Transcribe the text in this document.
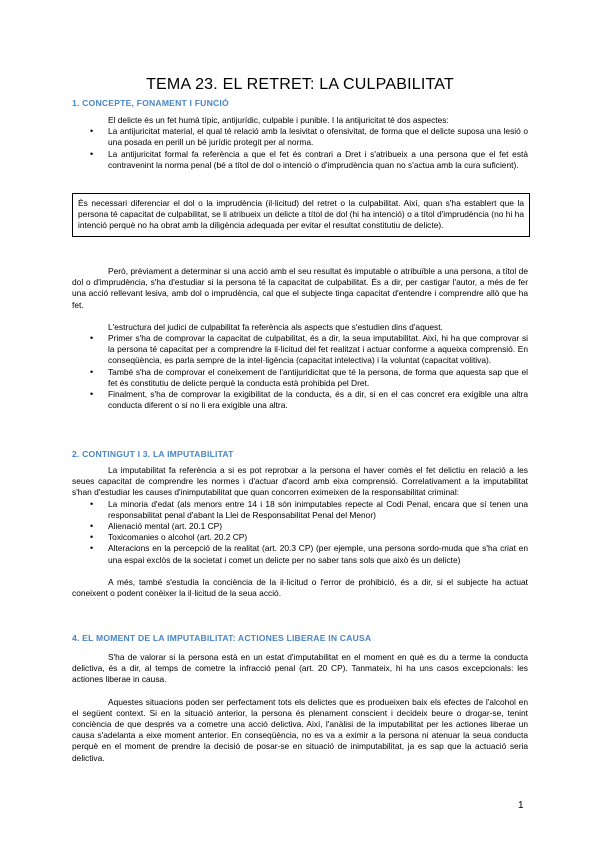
TEMA 23. EL RETRET: LA CULPABILITAT
1. CONCEPTE, FONAMENT I FUNCIÓ

El delicte és un fet humà típic, antijurídic, culpable i punible. I la antijuricitat té dos aspectes:

• La antijuricitat material, el qual té relació amb la lesivitat o ofensivitat, de forma que el delicte suposa una lesió o una posada en perill un bé jurídic protegit per al norma.
• La antijuricitat formal fa referència a que el fet és contrari a Dret i s'atribueix a una persona que el fet està contravenint la norma penal (bé a títol de dol o intenció o d'imprudència quan no s'actua amb la cura suficient).
És necessari diferenciar el dol o la imprudència (il·licitud) del retret o la culpabilitat. Així, quan s'ha establert que la persona té capacitat de culpabilitat, se li atribueix un delicte a títol de dol (hi ha intenció) o a títol d'imprudència (no hi ha intenció perquè no ha obrat amb la diligència adequada per evitar el resultat constitutiu de delicte).

Però, prèviament a determinar si una acció amb el seu resultat és imputable o atribuïble a una persona, a títol de dol o d'imprudència, s'ha d'estudiar si la persona té la capacitat de culpabilitat. És a dir, per castigar l'autor, a més de fer una acció rellevant lesiva, amb dol o imprudència, cal que el subjecte tinga capacitat d'entendre i comprendre allò que ha fet.

L'estructura del judici de culpabilitat fa referència als aspects que s'estudien dins d'aquest.

• Primer s'ha de comprovar la capacitat de culpabilitat, és a dir, la seua imputabilitat. Així, hi ha que comprovar si la persona té capacitat per a comprendre la il·licitud del fet realitzat i actuar conforme a aqueixa comprensió. En conseqüència, es parla sempre de la intel·ligència (capacitat intelectiva) i la voluntat (capacitat volitiva).
• També s'ha de comprovar el coneixement de l'antijuridicitat que té la persona, de forma que aquesta sap que el fet és constitutiu de delicte perquè la conducta està prohibida pel Dret.
• Finalment, s'ha de comprovar la exigibilitat de la conducta, és a dir, si en el cas concret era exigible una altra conducta diferent o si no li era exigible una altra.
2. CONTINGUT I 3. LA IMPUTABILITAT

La imputabilitat fa referència a si es pot reprotxar a la persona el haver comès el fet delictiu en relació a les seues capacitat de comprendre les normes i d'actuar d'acord amb eixa comprensió. Correlativament a la imputabilitat s'han d'estudiar les causes d'inimputabilitat que quan concorren eximeixen de la responsabilitat criminal:

• La minoria d'edat (als menors entre 14 i 18 són inimputables repecte al Codi Penal, encara que sí tenen una responsabilitat penal d'abant la Llei de Responsabilitat Penal del Menor)
• Alienació mental (art. 20.1 CP)
• Toxicomanies o alcohol (art. 20.2 CP)
• Alteracions en la percepció de la realitat (art. 20.3 CP) (per ejemple, una persona sordo-muda que s'ha criat en una espai exclòs de la societat i comet un delicte per no saber tans sols que això és un delicte)

A més, també s'estudia la conciència de la il·licitud o l'error de prohibició, és a dir, si el subjecte ha actuat coneixent o podent conèixer la il·licitud de la seua acció.

4. EL MOMENT DE LA IMPUTABILITAT: ACTIONES LIBERAE IN CAUSA

S'ha de valorar si la persona està en un estat d'imputabilitat en el moment en què es du a terme la conducta delictiva, és a dir, al temps de cometre la infracció penal (art. 20 CP). Tanmateix, hi ha uns casos excepcionals: les actiones liberae in causa.

Aquestes situacions poden ser perfectament tots els delictes que es produeixen baix els efectes de l'alcohol en el següent context. Si en la situació anterior, la persona és plenament conscient i decideix beure o drogar-se, tenint conciència de que després va a cometre una acció delictiva. Així, l'anàlisi de la imputabilitat per les actiones liberae un causa s'adelanta a eixe moment anterior. En conseqüència, no es va a eximir a la persona ni atenuar la seua conducta perquè en el moment de prendre la decisió de posar-se en situació de inimputabilitat, ja es sap que la actuació seria delictiva.

1
